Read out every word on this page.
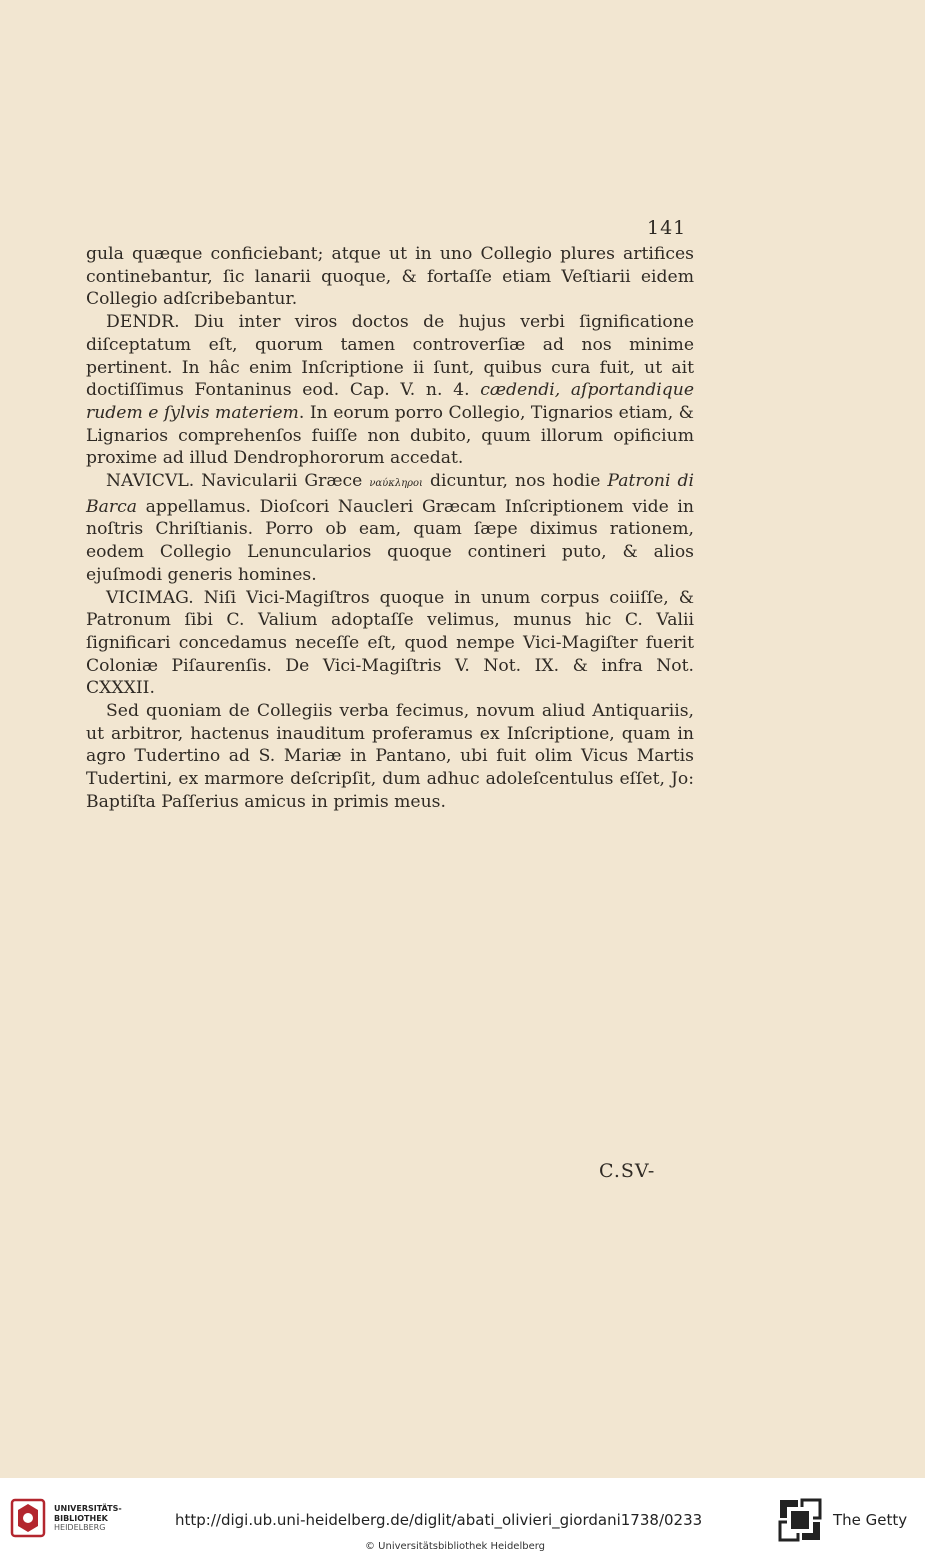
141

gula quæque conficiebant; atque ut in uno Collegio plures artifices continebantur, ſic lanarii quoque, & fortaſſe etiam Veſtiarii eidem Collegio adſcribebantur.

DENDR. Diu inter viros doctos de hujus verbi ſignificatione diſceptatum eſt, quorum tamen controverſiæ ad nos minime pertinent. In hâc enim Inſcriptione ii ſunt, quibus cura fuit, ut ait doctiſſimus Fontaninus eod. Cap. V. n. 4. cædendi, aſportandique rudem e ſylvis materiem. In eorum porro Collegio, Tignarios etiam, & Lignarios comprehenſos fuiſſe non dubito, quum illorum opificium proxime ad illud Dendrophororum accedat.

NAVICVL. Navicularii Græce ναύκληροι dicuntur, nos hodie Patroni di Barca appellamus. Dioſcori Naucleri Græcam Inſcriptionem vide in noſtris Chriſtianis. Porro ob eam, quam ſæpe diximus rationem, eodem Collegio Lenuncularios quoque contineri puto, & alios ejuſmodi generis homines.

VICIMAG. Niſi Vici-Magiſtros quoque in unum corpus coiiſſe, & Patronum ſibi C. Valium adoptaſſe velimus, munus hic C. Valii ſignificari concedamus neceſſe eſt, quod nempe Vici-Magiſter fuerit Coloniæ Piſaurenſis. De Vici-Magiſtris V. Not. IX. & infra Not. CXXXII.

Sed quoniam de Collegiis verba fecimus, novum aliud Antiquariis, ut arbitror, hactenus inauditum proferamus ex Inſcriptione, quam in agro Tudertino ad S. Mariæ in Pantano, ubi fuit olim Vicus Martis Tudertini, ex marmore deſcripſit, dum adhuc adoleſcentulus eſſet, Jo: Baptiſta Paſſerius amicus in primis meus.

C.SV-
UNIVERSITÄTS-
BIBLIOTHEK
HEIDELBERG	http://digi.ub.uni-heidelberg.de/diglit/abati_olivieri_giordani1738/0233
© Universitätsbibliothek Heidelberg
The Getty
